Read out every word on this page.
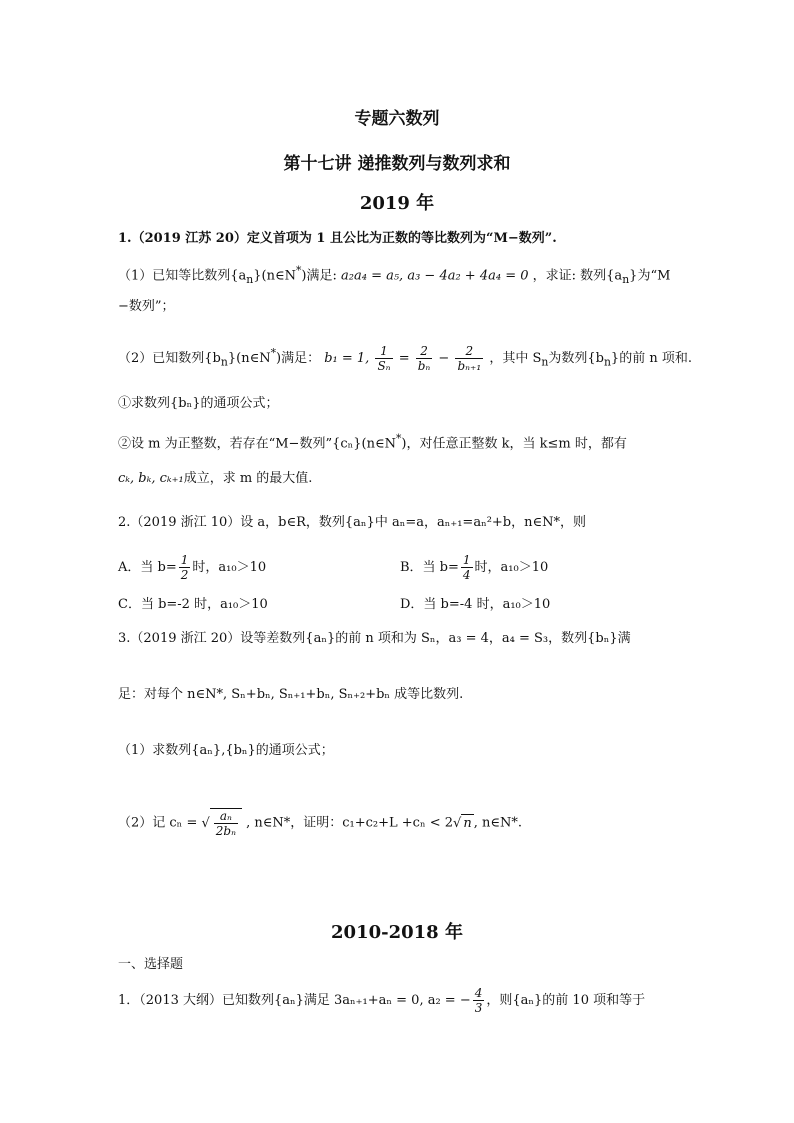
专题六数列
第十七讲 递推数列与数列求和
2019 年
1.（2019 江苏 20）定义首项为 1 且公比为正数的等比数列为“M−数列”.
（1）已知等比数列$\{a_n\}(n\in N^*)$满足: a₂a₄ = a₅, a₃ − 4a₂ + 4a₄ = 0 ，求证: 数列$\{a_n\}$为“M
−数列”；
（2）已知数列$\{b_n\}(n\in N^*)$满足： b₁ = 1, $\frac{1}{\text{Sₙ}} = \frac{2}{\text{bₙ}} - \frac{2}{\text{bₙ₊₁}}$ ，其中 $S_n$为数列$\{b_n\}$的前 n 项和.
①求数列{bₙ}的通项公式；
②设 m 为正整数，若存在“M−数列”{cₙ}(n∈N*)，对任意正整数 k，当 k≤m 时，都有
cₖ, bₖ, cₖ₊₁成立，求 m 的最大值.
2.（2019 浙江 10）设 a，b∈R，数列{aₙ}中 aₙ=a，aₙ₊₁=aₙ²+b，n∈N*，则
A．当 $b= \frac{1}{2}$ 时，a₁₀＞10	B．当 $b= \frac{1}{4}$ 时，a₁₀＞10
C．当 b=-2 时，a₁₀＞10	D．当 b=-4 时，a₁₀＞10
3.（2019 浙江 20）设等差数列{aₙ}的前 n 项和为 Sₙ，a₃ = 4，a₄ = S₃，数列{bₙ}满
足：对每个 n∈N*, Sₙ+bₙ, Sₙ₊₁+bₙ, Sₙ₊₂+bₙ 成等比数列.
（1）求数列{aₙ},{bₙ}的通项公式；
（2）记 cₙ = √ $\frac{\text{aₙ}}{\text{2bₙ}}$ , n∈N*，证明：c₁+c₂+L +cₙ < 2√ n , n∈N*.
2010-2018 年
一、选择题
1．（2013 大纲）已知数列{aₙ}满足 3aₙ₊₁+aₙ = 0, a₂ = − $\frac{4}{3}$ ，则{aₙ}的前 10 项和等于
